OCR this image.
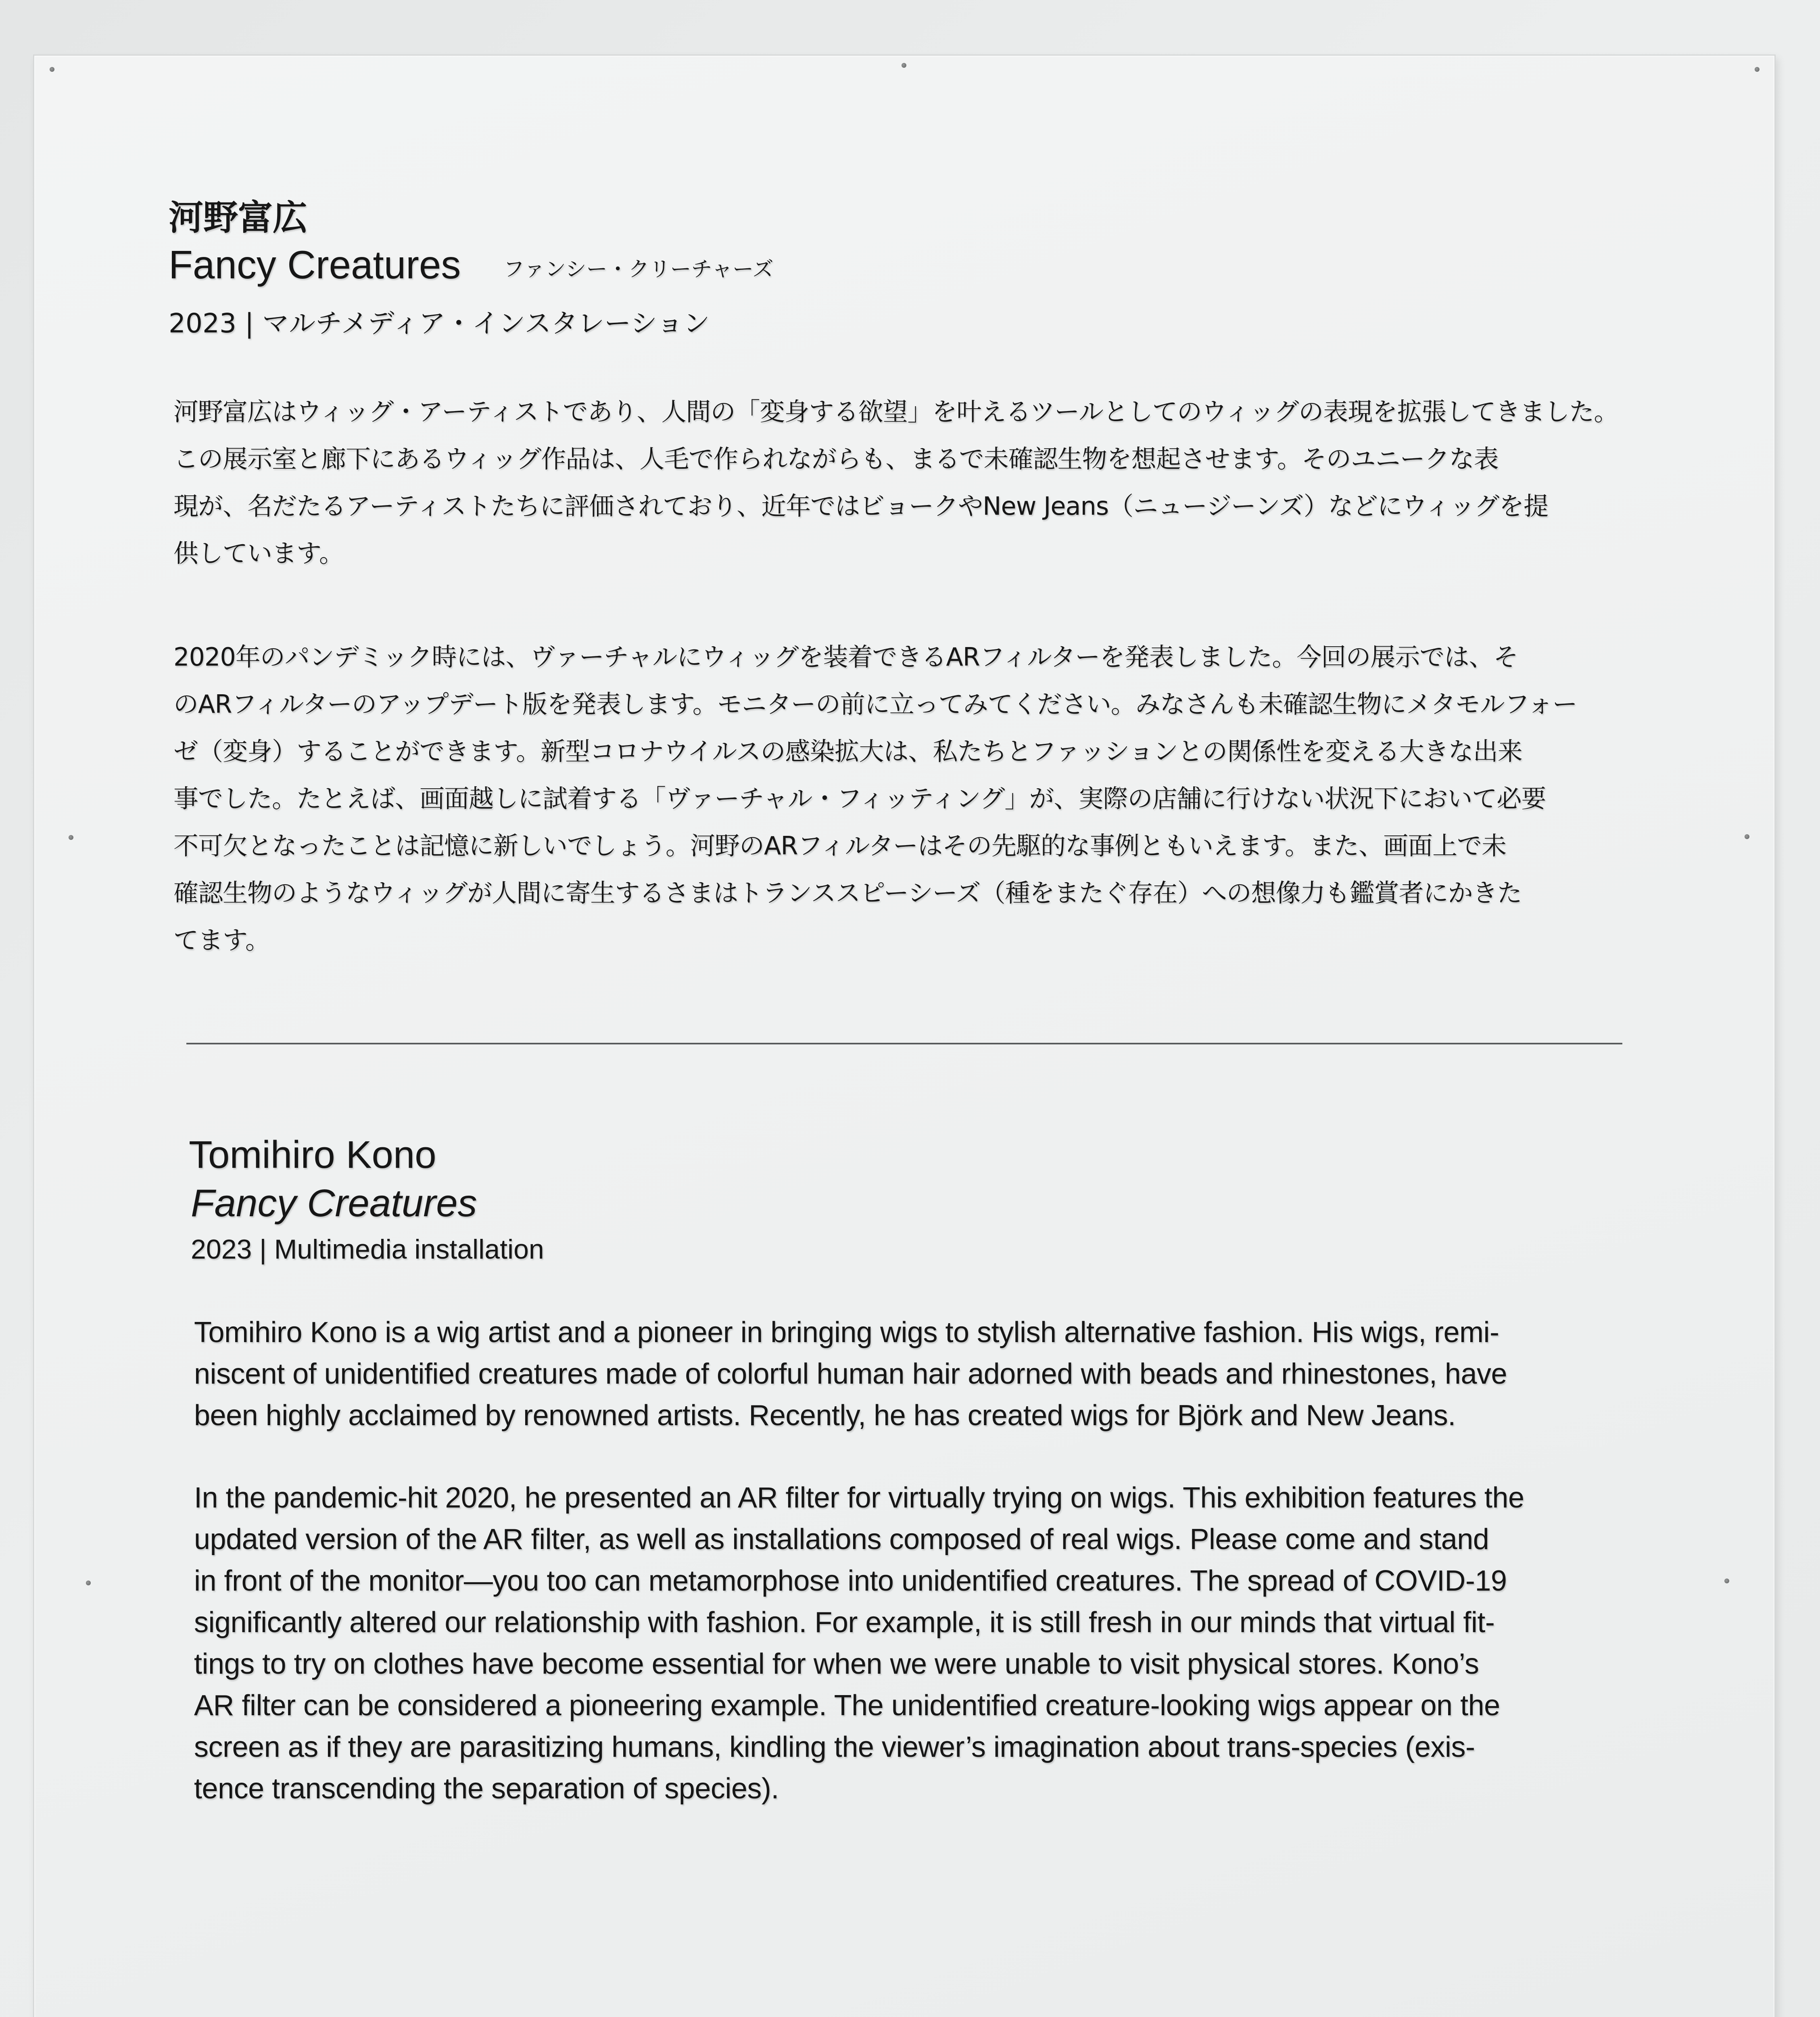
河野富広
Fancy Creatures ファンシー・クリーチャーズ
2023 | マルチメディア・インスタレーション
河野富広はウィッグ・アーティストであり、人間の「変身する欲望」を叶えるツールとしてのウィッグの表現を拡張してきました。
この展示室と廊下にあるウィッグ作品は、人毛で作られながらも、まるで未確認生物を想起させます。そのユニークな表
現が、名だたるアーティストたちに評価されており、近年ではビョークやNew Jeans（ニュージーンズ）などにウィッグを提
供しています。
2020年のパンデミック時には、ヴァーチャルにウィッグを装着できるARフィルターを発表しました。今回の展示では、そ
のARフィルターのアップデート版を発表します。モニターの前に立ってみてください。みなさんも未確認生物にメタモルフォー
ゼ（変身）することができます。新型コロナウイルスの感染拡大は、私たちとファッションとの関係性を変える大きな出来
事でした。たとえば、画面越しに試着する「ヴァーチャル・フィッティング」が、実際の店舗に行けない状況下において必要
不可欠となったことは記憶に新しいでしょう。河野のARフィルターはその先駆的な事例ともいえます。また、画面上で未
確認生物のようなウィッグが人間に寄生するさまはトランススピーシーズ（種をまたぐ存在）への想像力も鑑賞者にかきた
てます。
Tomihiro Kono
Fancy Creatures
2023 | Multimedia installation
Tomihiro Kono is a wig artist and a pioneer in bringing wigs to stylish alternative fashion. His wigs, remi-
niscent of unidentified creatures made of colorful human hair adorned with beads and rhinestones, have
been highly acclaimed by renowned artists. Recently, he has created wigs for Björk and New Jeans.
In the pandemic-hit 2020, he presented an AR filter for virtually trying on wigs. This exhibition features the
updated version of the AR filter, as well as installations composed of real wigs. Please come and stand
in front of the monitor—you too can metamorphose into unidentified creatures. The spread of COVID-19
significantly altered our relationship with fashion. For example, it is still fresh in our minds that virtual fit-
tings to try on clothes have become essential for when we were unable to visit physical stores. Kono’s
AR filter can be considered a pioneering example. The unidentified creature-looking wigs appear on the
screen as if they are parasitizing humans, kindling the viewer’s imagination about trans-species (exis-
tence transcending the separation of species).
